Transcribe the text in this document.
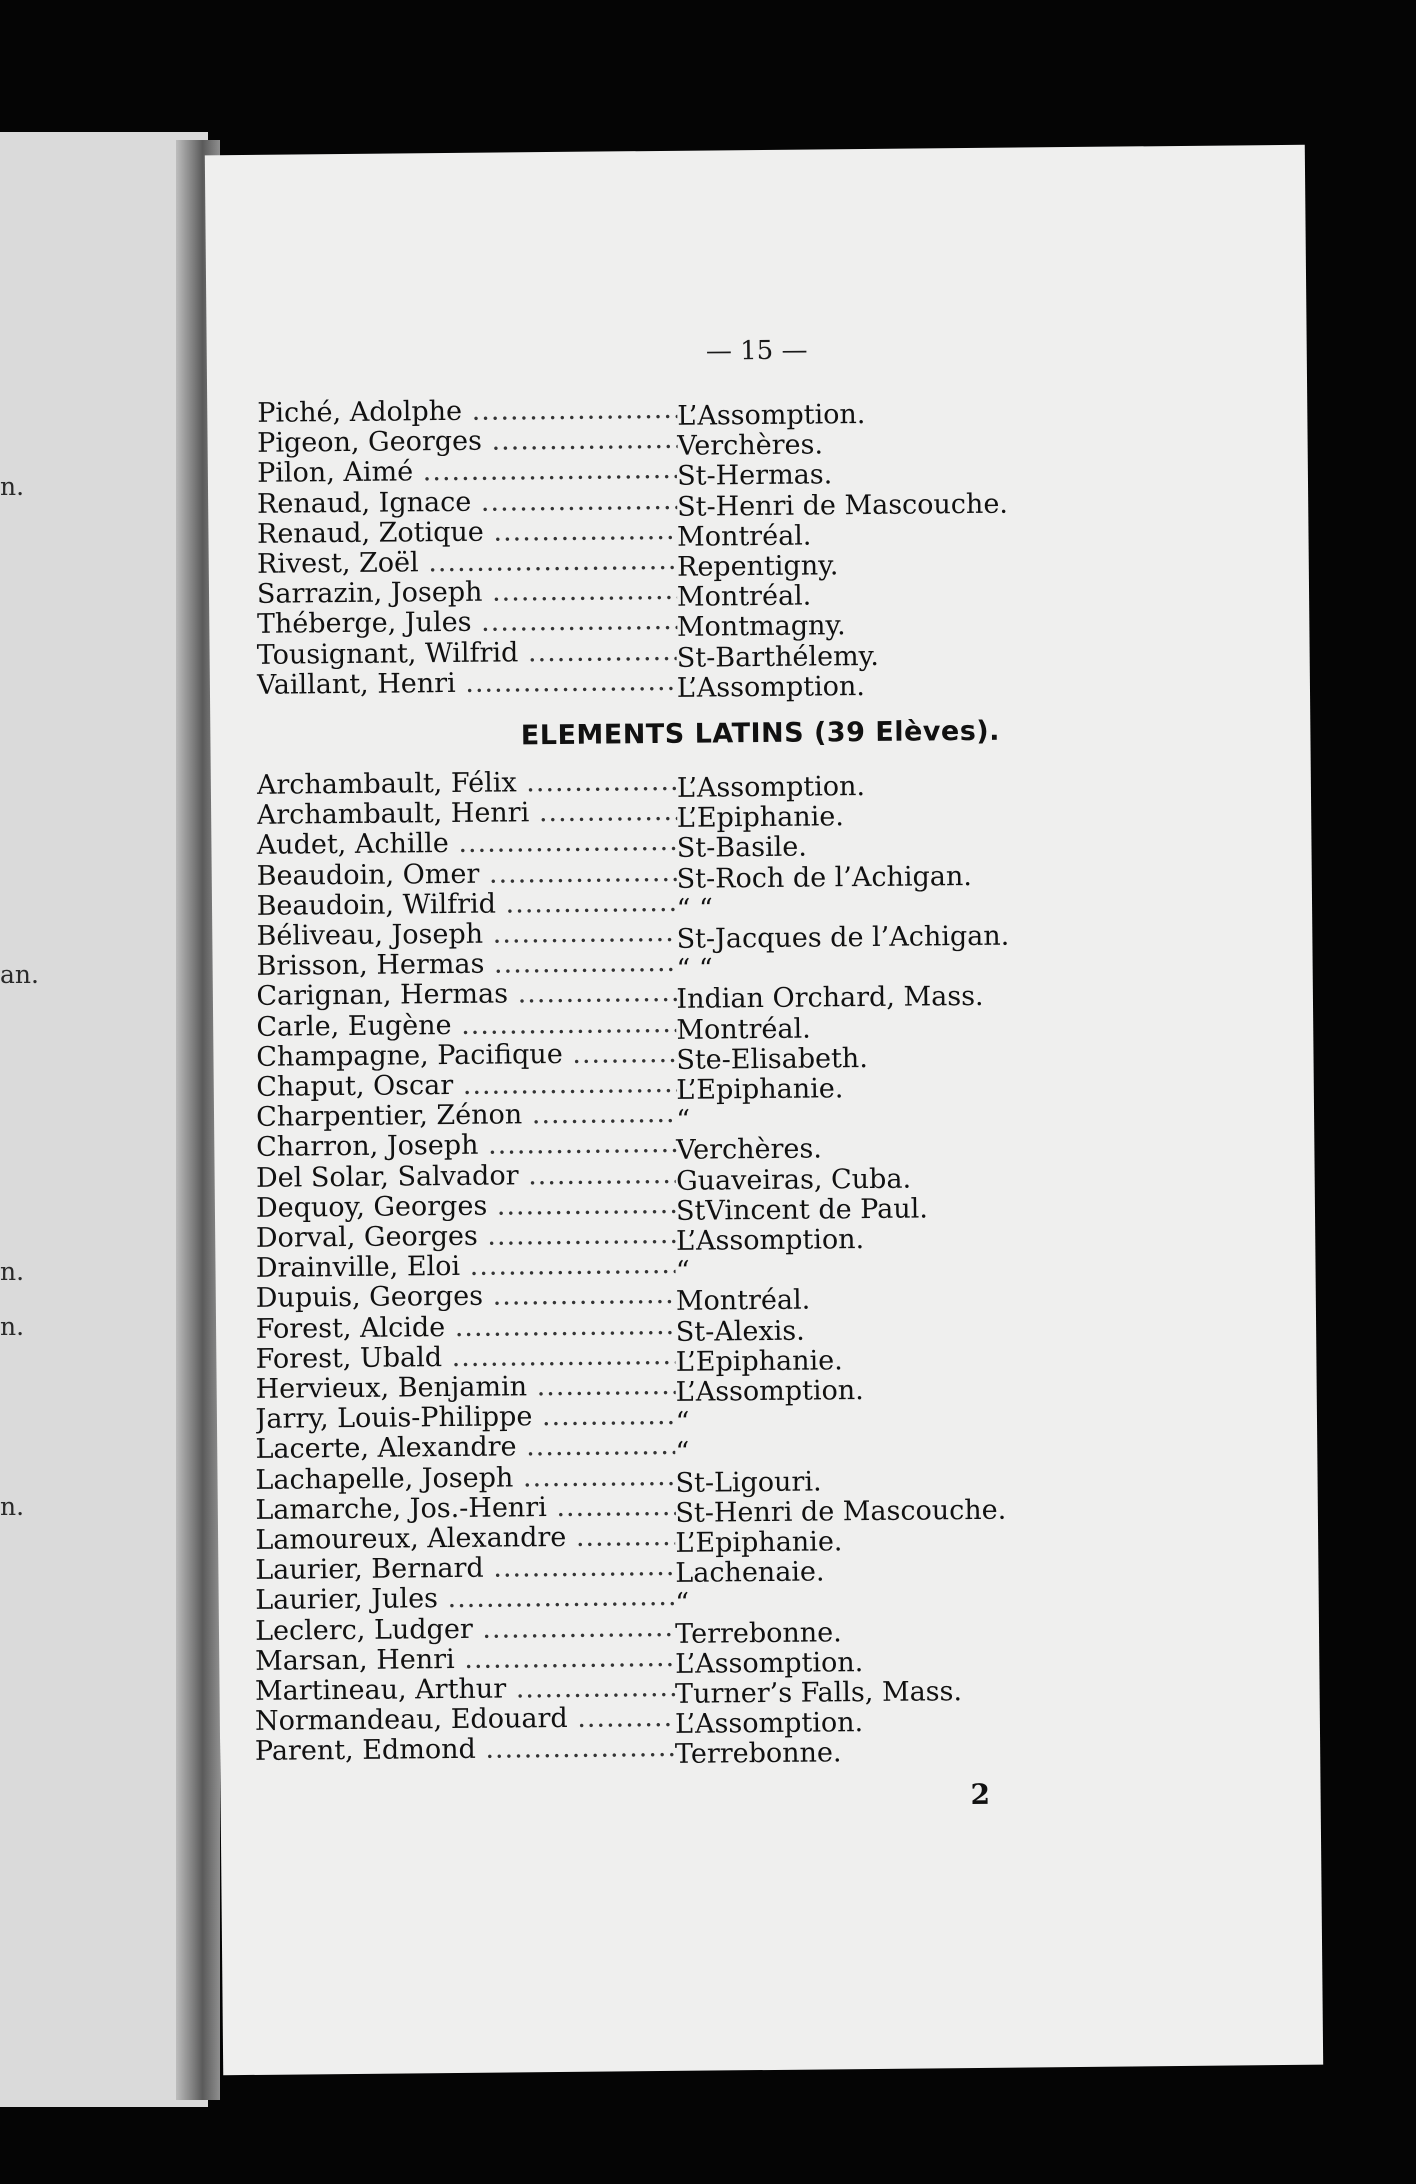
n.
an.
n.
n.
n.
— 15 —
ELEMENTS LATINS (39 Elèves).
Piché, Adolphe .....	L’Assomption.
Pigeon, Georges .....	Verchères.
Pilon, Aimé .....	St-Hermas.
Renaud, Ignace .....	St-Henri de Mascouche.
Renaud, Zotique .....	Montréal.
Rivest, Zoël .....	Repentigny.
Sarrazin, Joseph .....	Montréal.
Théberge, Jules .....	Montmagny.
Tousignant, Wilfrid .....	St-Barthélemy.
Vaillant, Henri .....	L’Assomption.
Archambault, Félix .....	L’Assomption.
Archambault, Henri .....	L’Epiphanie.
Audet, Achille .....	St-Basile.
Beaudoin, Omer .....	St-Roch de l’Achigan.
Beaudoin, Wilfrid .....	“ “
Béliveau, Joseph .....	St-Jacques de l’Achigan.
Brisson, Hermas .....	“ “
Carignan, Hermas .....	Indian Orchard, Mass.
Carle, Eugène .....	Montréal.
Champagne, Pacifique .....	Ste-Elisabeth.
Chaput, Oscar .....	L’Epiphanie.
Charpentier, Zénon .....	“
Charron, Joseph .....	Verchères.
Del Solar, Salvador .....	Guaveiras, Cuba.
Dequoy, Georges .....	StVincent de Paul.
Dorval, Georges .....	L’Assomption.
Drainville, Eloi .....	“
Dupuis, Georges .....	Montréal.
Forest, Alcide .....	St-Alexis.
Forest, Ubald .....	L’Epiphanie.
Hervieux, Benjamin .....	L’Assomption.
Jarry, Louis-Philippe .....	“
Lacerte, Alexandre .....	“
Lachapelle, Joseph .....	St-Ligouri.
Lamarche, Jos.-Henri .....	St-Henri de Mascouche.
Lamoureux, Alexandre .....	L’Epiphanie.
Laurier, Bernard .....	Lachenaie.
Laurier, Jules .....	“
Leclerc, Ludger .....	Terrebonne.
Marsan, Henri .....	L’Assomption.
Martineau, Arthur .....	Turner’s Falls, Mass.
Normandeau, Edouard .....	L’Assomption.
Parent, Edmond .....	Terrebonne.
2
